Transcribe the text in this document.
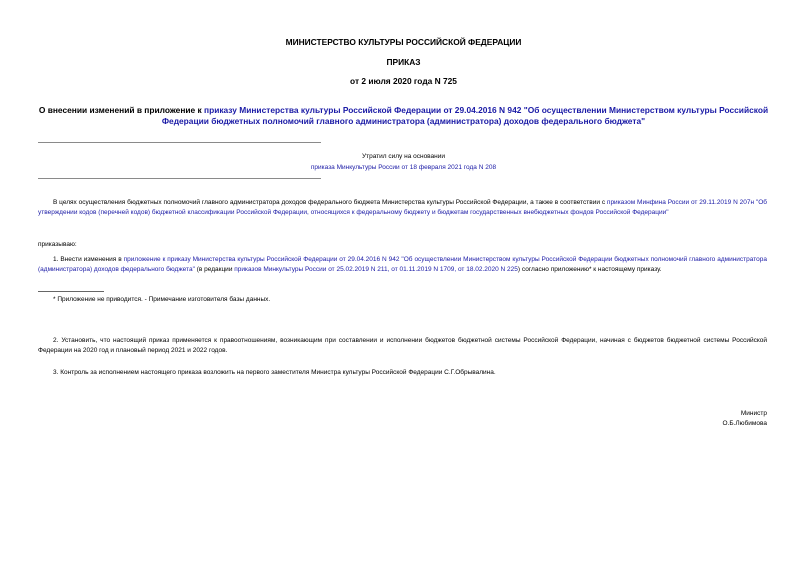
МИНИСТЕРСТВО КУЛЬТУРЫ РОССИЙСКОЙ ФЕДЕРАЦИИ
ПРИКАЗ
от 2 июля 2020 года N 725
О внесении изменений в приложение к приказу Министерства культуры Российской Федерации от 29.04.2016 N 942 "Об осуществлении Министерством культуры Российской Федерации бюджетных полномочий главного администратора (администратора) доходов федерального бюджета"
Утратил силу на основании
приказа Минкультуры России от 18 февраля 2021 года N 208
В целях осуществления бюджетных полномочий главного администратора доходов федерального бюджета Министерства культуры Российской Федерации, а также в соответствии с приказом Минфина России от 29.11.2019 N 207н "Об утверждении кодов (перечней кодов) бюджетной классификации Российской Федерации, относящихся к федеральному бюджету и бюджетам государственных внебюджетных фондов Российской Федерации"
приказываю:
1. Внести изменения в приложение к приказу Министерства культуры Российской Федерации от 29.04.2016 N 942 "Об осуществлении Министерством культуры Российской Федерации бюджетных полномочий главного администратора (администратора) доходов федерального бюджета" (в редакции приказов Минкультуры России от 25.02.2019 N 211, от 01.11.2019 N 1709, от 18.02.2020 N 225) согласно приложению* к настоящему приказу.
* Приложение не приводится. - Примечание изготовителя базы данных.
2. Установить, что настоящий приказ применяется к правоотношениям, возникающим при составлении и исполнении бюджетов бюджетной системы Российской Федерации, начиная с бюджетов бюджетной системы Российской Федерации на 2020 год и плановый период 2021 и 2022 годов.
3. Контроль за исполнением настоящего приказа возложить на первого заместителя Министра культуры Российской Федерации С.Г.Обрывалина.
Министр
О.Б.Любимова
